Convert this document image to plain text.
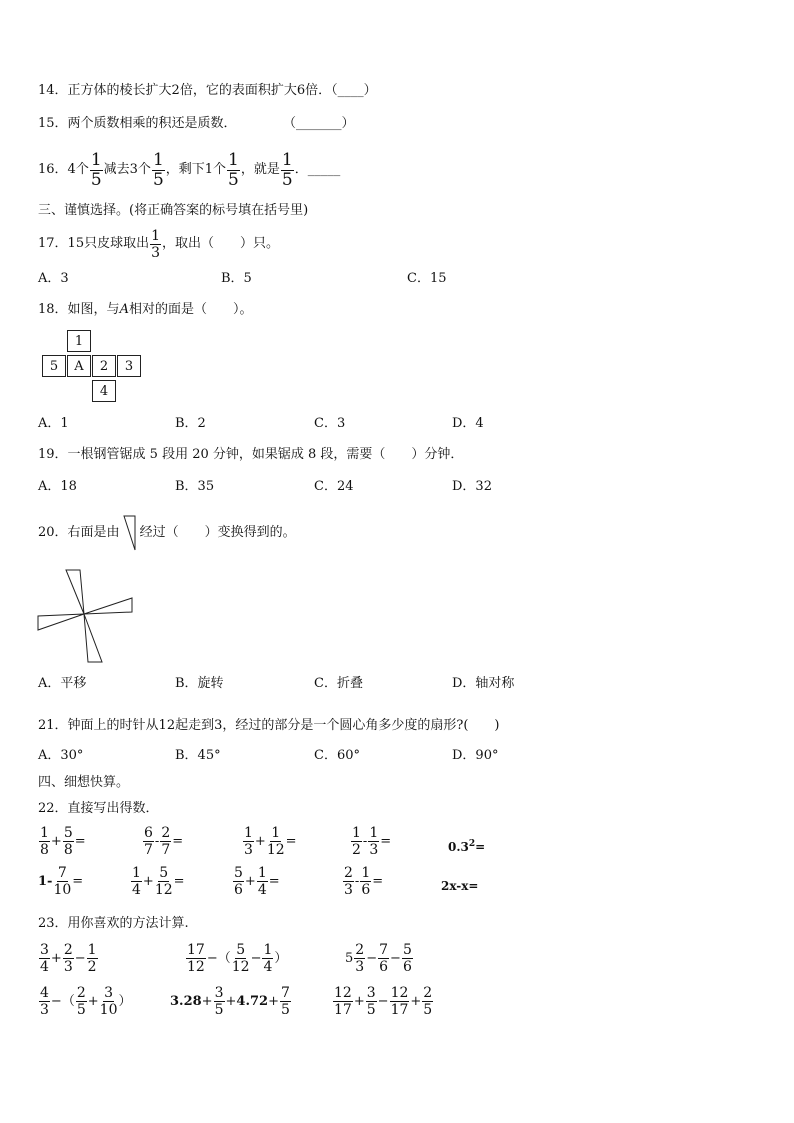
14．正方体的棱长扩大2倍，它的表面积扩大6倍．（____）
15．两个质数相乘的积还是质数．	（_______）
16． 4个 $\frac{1}{5}$ 减去3个 $\frac{1}{5}$ ，剩下1个 $\frac{1}{5}$ ，就是 $\frac{1}{5}$ ．_____
三、谨慎选择。(将正确答案的标号填在括号里)
17． 15只皮球取出 $\frac{1}{3}$ ，取出（　　）只。
A．3	B．5	C．15
18．如图，与A相对的面是（　　）。
1
5	A	2	3
4
A．1	B．2	C．3	D．4
19．一根钢管锯成 5 段用 20 分钟，如果锯成 8 段，需要（　　）分钟．
A．18	B．35	C．24	D．32
20． 右面是由 经过（　　）变换得到的。
A．平移	B．旋转	C．折叠	D．轴对称
21．钟面上的时针从12起走到3，经过的部分是一个圆心角多少度的扇形?(　　)
A．30°	B．45°	C．60°	D．90°
四、细想快算。
22．直接写出得数．
$\frac{1}{8} + \frac{5}{8}$ =	$\frac{6}{7} - \frac{2}{7}$ =	$\frac{1}{3} + \frac{1}{12}$ =	$\frac{1}{2} - \frac{1}{3}$ =	$0.3^2=$
$1- \frac{7}{10}$ =	$\frac{1}{4} + \frac{5}{12}$ =	$\frac{5}{6} + \frac{1}{4}$ =	$\frac{2}{3} - \frac{1}{6}$ =	2x-x=
23．用你喜欢的方法计算.
$\frac{3}{4} + \frac{2}{3} - \frac{1}{2}$	$\frac{17}{12}$ −（ $\frac{5}{12} - \frac{1}{4}$ ）	$5 \frac{2}{3} - \frac{7}{6} - \frac{5}{6}$
$\frac{4}{3}$ −（ $\frac{2}{5} + \frac{3}{10}$ ）	$3.28 + \frac{3}{5} + 4.72 + \frac{7}{5}$	$\frac{12}{17} + \frac{3}{5} - \frac{12}{17} + \frac{2}{5}$
